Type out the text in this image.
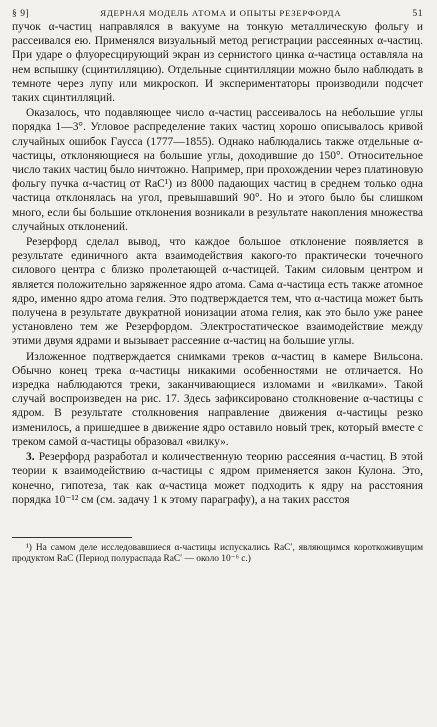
§ 9]	ЯДЕРНАЯ МОДЕЛЬ АТОМА И ОПЫТЫ РЕЗЕРФОРДА	51

пучок α-частиц направлялся в вакууме на тонкую металлическую фольгу и рассеивался ею. Применялся визуальный метод регистрации рассеянных α-частиц. При ударе о флуоресцирующий экран из сернистого цинка α-частица оставляла на нем вспышку (сцинтилляцию). Отдельные сцинтилляции можно было наблюдать в темноте через лупу или микроскоп. И экспериментаторы производили подсчет таких сцинтилляций.

Оказалось, что подавляющее число α-частиц рассеивалось на небольшие углы порядка 1—3°. Угловое распределение таких частиц хорошо описывалось кривой случайных ошибок Гаусса (1777—1855). Однако наблюдались также отдельные α-частицы, отклоняющиеся на большие углы, доходившие до 150°. Относительное число таких частиц было ничтожно. Например, при прохождении через платиновую фольгу пучка α-частиц от RaC¹) из 8000 падающих частиц в среднем только одна частица отклонялась на угол, превышавший 90°. Но и этого было бы слишком много, если бы большие отклонения возникали в результате накопления множества случайных отклонений.

Резерфорд сделал вывод, что каждое большое отклонение появляется в результате единичного акта взаимодействия какого-то практически точечного силового центра с близко пролетающей α-частицей. Таким силовым центром и является положительно заряженное ядро атома. Сама α-частица есть также атомное ядро, именно ядро атома гелия. Это подтверждается тем, что α-частица может быть получена в результате двукратной ионизации атома гелия, как это было уже ранее установлено тем же Резерфордом. Электростатическое взаимодействие между этими двумя ядрами и вызывает рассеяние α-частиц на большие углы.

Изложенное подтверждается снимками треков α-частиц в камере Вильсона. Обычно конец трека α-частицы никакими особенностями не отличается. Но изредка наблюдаются треки, заканчивающиеся изломами и «вилками». Такой случай воспроизведен на рис. 17. Здесь зафиксировано столкновение α-частицы с ядром. В результате столкновения направление движения α-частицы резко изменилось, а пришедшее в движение ядро оставило новый трек, который вместе с треком самой α-частицы образовал «вилку».

3. Резерфорд разработал и количественную теорию рассеяния α-частиц. В этой теории к взаимодействию α-частицы с ядром применяется закон Кулона. Это, конечно, гипотеза, так как α-частица может подходить к ядру на расстояния порядка 10⁻¹² см (см. задачу 1 к этому параграфу), а на таких расстоя

¹) На самом деле исследовавшиеся α-частицы испускались RaC′, являющимся короткоживущим продуктом RaC (Период полураспада RaC′ — около 10⁻⁶ с.)
